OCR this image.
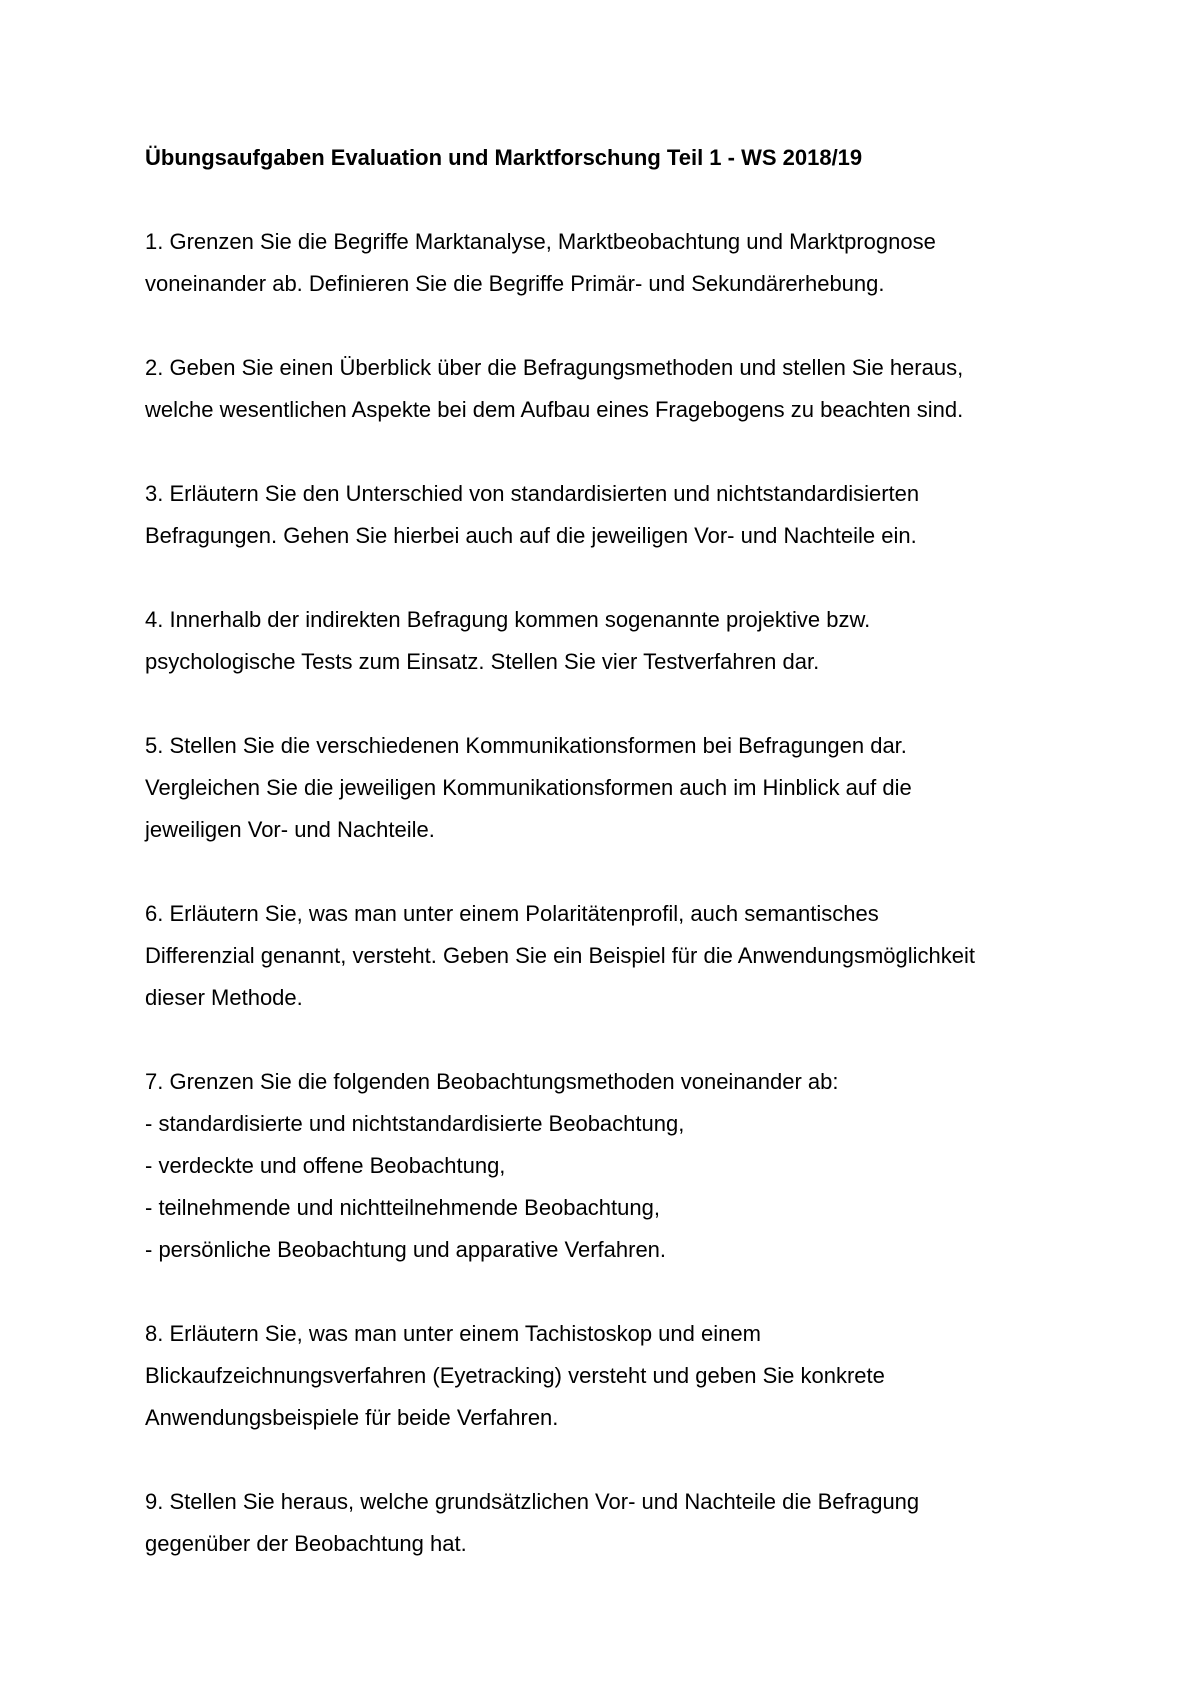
Übungsaufgaben Evaluation und Marktforschung Teil 1 - WS 2018/19
1. Grenzen Sie die Begriffe Marktanalyse, Marktbeobachtung und Marktprognose
voneinander ab. Definieren Sie die Begriffe Primär- und Sekundärerhebung.
2. Geben Sie einen Überblick über die Befragungsmethoden und stellen Sie heraus,
welche wesentlichen Aspekte bei dem Aufbau eines Fragebogens zu beachten sind.
3. Erläutern Sie den Unterschied von standardisierten und nichtstandardisierten
Befragungen. Gehen Sie hierbei auch auf die jeweiligen Vor- und Nachteile ein.
4. Innerhalb der indirekten Befragung kommen sogenannte projektive bzw.
psychologische Tests zum Einsatz. Stellen Sie vier Testverfahren dar.
5. Stellen Sie die verschiedenen Kommunikationsformen bei Befragungen dar.
Vergleichen Sie die jeweiligen Kommunikationsformen auch im Hinblick auf die
jeweiligen Vor- und Nachteile.
6. Erläutern Sie, was man unter einem Polaritätenprofil, auch semantisches
Differenzial genannt, versteht. Geben Sie ein Beispiel für die Anwendungsmöglichkeit
dieser Methode.
7. Grenzen Sie die folgenden Beobachtungsmethoden voneinander ab:
- standardisierte und nichtstandardisierte Beobachtung,
- verdeckte und offene Beobachtung,
- teilnehmende und nichtteilnehmende Beobachtung,
- persönliche Beobachtung und apparative Verfahren.
8. Erläutern Sie, was man unter einem Tachistoskop und einem
Blickaufzeichnungsverfahren (Eyetracking) versteht und geben Sie konkrete
Anwendungsbeispiele für beide Verfahren.
9. Stellen Sie heraus, welche grundsätzlichen Vor- und Nachteile die Befragung
gegenüber der Beobachtung hat.
